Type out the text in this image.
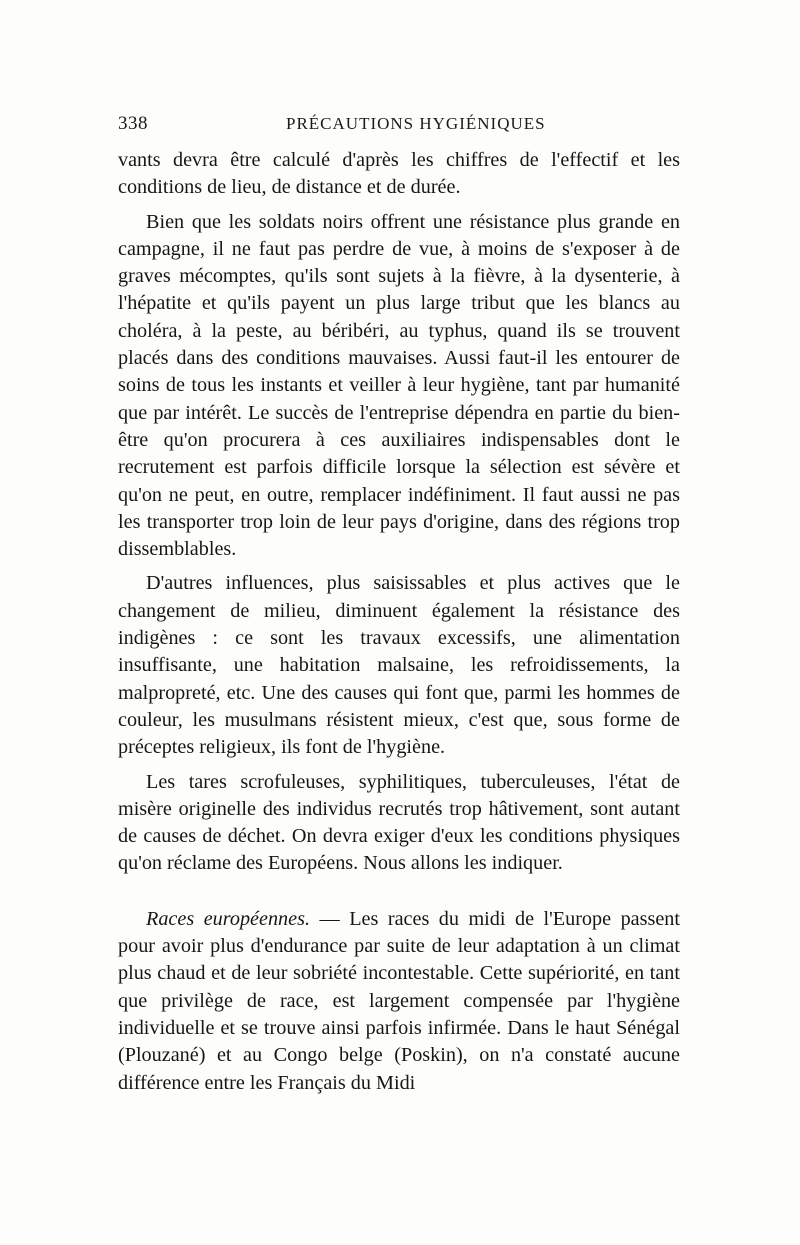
338	PRÉCAUTIONS HYGIÉNIQUES

vants devra être calculé d'après les chiffres de l'effectif et les conditions de lieu, de distance et de durée.

Bien que les soldats noirs offrent une résistance plus grande en campagne, il ne faut pas perdre de vue, à moins de s'exposer à de graves mécomptes, qu'ils sont sujets à la fièvre, à la dysenterie, à l'hépatite et qu'ils payent un plus large tribut que les blancs au choléra, à la peste, au béribéri, au typhus, quand ils se trouvent placés dans des conditions mauvaises. Aussi faut-il les entourer de soins de tous les instants et veiller à leur hygiène, tant par humanité que par intérêt. Le succès de l'entreprise dépendra en partie du bien-être qu'on procurera à ces auxiliaires indispensables dont le recrutement est parfois difficile lorsque la sélection est sévère et qu'on ne peut, en outre, remplacer indéfiniment. Il faut aussi ne pas les transporter trop loin de leur pays d'origine, dans des régions trop dissemblables.

D'autres influences, plus saisissables et plus actives que le changement de milieu, diminuent également la résistance des indigènes : ce sont les travaux excessifs, une alimentation insuffisante, une habitation malsaine, les refroidissements, la malpropreté, etc. Une des causes qui font que, parmi les hommes de couleur, les musulmans résistent mieux, c'est que, sous forme de préceptes religieux, ils font de l'hygiène.

Les tares scrofuleuses, syphilitiques, tuberculeuses, l'état de misère originelle des individus recrutés trop hâtivement, sont autant de causes de déchet. On devra exiger d'eux les conditions physiques qu'on réclame des Européens. Nous allons les indiquer.

Races européennes. — Les races du midi de l'Europe passent pour avoir plus d'endurance par suite de leur adaptation à un climat plus chaud et de leur sobriété incontestable. Cette supériorité, en tant que privilège de race, est largement compensée par l'hygiène individuelle et se trouve ainsi parfois infirmée. Dans le haut Sénégal (Plouzané) et au Congo belge (Poskin), on n'a constaté aucune différence entre les Français du Midi
